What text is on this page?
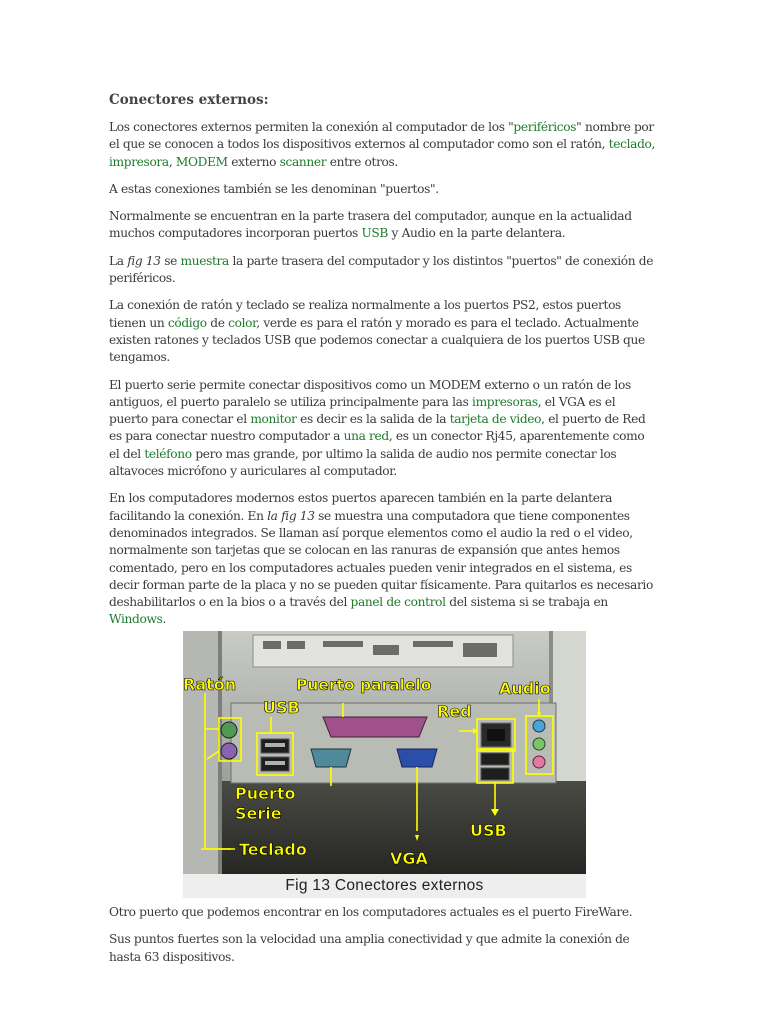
Conectores externos:

Los conectores externos permiten la conexión al computador de los "periféricos" nombre por el que se conocen a todos los dispositivos externos al computador como son el ratón, teclado, impresora, MODEM externo scanner entre otros.

A estas conexiones también se les denominan "puertos".

Normalmente se encuentran en la parte trasera del computador, aunque en la actualidad muchos computadores incorporan puertos USB y Audio en la parte delantera.

La fig 13 se muestra la parte trasera del computador y los distintos "puertos" de conexión de periféricos.

La conexión de ratón y teclado se realiza normalmente a los puertos PS2, estos puertos tienen un código de color, verde es para el ratón y morado es para el teclado. Actualmente existen ratones y teclados USB que podemos conectar a cualquiera de los puertos USB que tengamos.

El puerto serie permite conectar dispositivos como un MODEM externo o un ratón de los antiguos, el puerto paralelo se utiliza principalmente para las impresoras, el VGA es el puerto para conectar el monitor es decir es la salida de la tarjeta de video, el puerto de Red es para conectar nuestro computador a una red, es un conector Rj45, aparentemente como el del teléfono pero mas grande, por ultimo la salida de audio nos permite conectar los altavoces micrófono y auriculares al computador.

En los computadores modernos estos puertos aparecen también en la parte delantera facilitando la conexión. En la fig 13 se muestra una computadora que tiene componentes denominados integrados. Se llaman así porque elementos como el audio la red o el video, normalmente son tarjetas que se colocan en las ranuras de expansión que antes hemos comentado, pero en los computadores actuales pueden venir integrados en el sistema, es decir forman parte de la placa y no se pueden quitar físicamente. Para quitarlos es necesario deshabilitarlos o en la bios o a través del panel de control del sistema si se trabaja en Windows.

Ratón	Puerto paralelo	Audio
USB	Red
Puerto
Serie
USB
Teclado	VGA
Fig 13 Conectores externos

Otro puerto que podemos encontrar en los computadores actuales es el puerto FireWare.

Sus puntos fuertes son la velocidad una amplia conectividad y que admite la conexión de hasta 63 dispositivos.
